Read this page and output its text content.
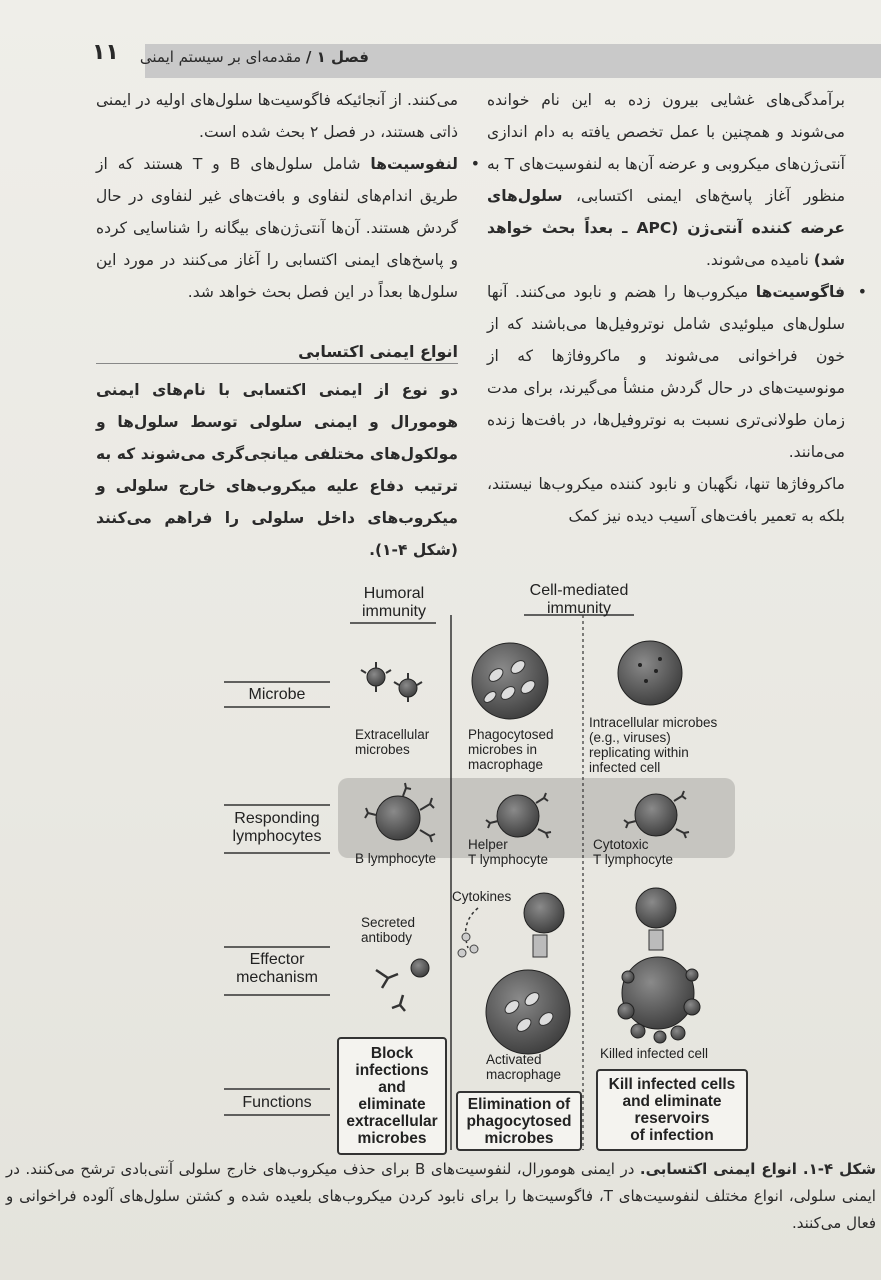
۱۱	فصل ۱ / مقدمه‌ای بر سیستم ایمنی

برآمدگی‌های غشایی بیرون زده به این نام خوانده می‌شوند و همچنین با عمل تخصص یافته به دام اندازی آنتی‌ژن‌های میکروبی و عرضه آن‌ها به لنفوسیت‌های T به منظور آغاز پاسخ‌های ایمنی اکتسابی، سلول‌های عرضه کننده آنتی‌ژن (APC ـ بعداً بحث خواهد شد) نامیده می‌شوند.

• فاگوسیت‌ها میکروب‌ها را هضم و نابود می‌کنند. آنها سلول‌های میلوئیدی شامل نوتروفیل‌ها می‌باشند که از خون فراخوانی می‌شوند و ماکروفاژها که از مونوسیت‌های در حال گردش منشأ می‌گیرند، برای مدت زمان طولانی‌تری نسبت به نوتروفیل‌ها، در بافت‌ها زنده می‌مانند.

ماکروفاژها تنها، نگهبان و نابود کننده میکروب‌ها نیستند، بلکه به تعمیر بافت‌های آسیب دیده نیز کمک

می‌کنند. از آنجائیکه فاگوسیت‌ها سلول‌های اولیه در ایمنی ذاتی هستند، در فصل ۲ بحث شده است.

• لنفوسیت‌ها شامل سلول‌های B و T هستند که از طریق اندام‌های لنفاوی و بافت‌های غیر لنفاوی در حال گردش هستند. آن‌ها آنتی‌ژن‌های بیگانه را شناسایی کرده و پاسخ‌های ایمنی اکتسابی را آغاز می‌کنند در مورد این سلول‌ها بعداً در این فصل بحث خواهد شد.

انواع ایمنی اکتسابی
دو نوع از ایمنی اکتسابی با نام‌های ایمنی هومورال و ایمنی سلولی توسط سلول‌ها و مولکول‌های مختلفی میانجی‌گری می‌شوند که به ترتیب دفاع علیه میکروب‌های خارج سلولی و میکروب‌های داخل سلولی را فراهم می‌کنند (شکل ۴-۱).
Humoral
immunity
Cell-mediated
immunity
Microbe
Responding
lymphocytes
Effector
mechanism
Functions
Extracellular
microbes
Phagocytosed
microbes in
macrophage
Intracellular microbes
(e.g., viruses)
replicating within
infected cell
B lymphocyte
Helper
T lymphocyte
Cytotoxic
T lymphocyte
Secreted
antibody
Cytokines
Activated
macrophage
Killed infected cell
Block
infections
and
eliminate
extracellular
microbes
Elimination of
phagocytosed
microbes
Kill infected cells
and eliminate
reservoirs
of infection
شکل ۴-۱. انواع ایمنی اکتسابی. در ایمنی هومورال، لنفوسیت‌های B برای حذف میکروب‌های خارج سلولی آنتی‌بادی ترشح می‌کنند. در ایمنی سلولی، انواع مختلف لنفوسیت‌های T، فاگوسیت‌ها را برای نابود کردن میکروب‌های بلعیده شده و کشتن سلول‌های آلوده فراخوانی و فعال می‌کنند.
